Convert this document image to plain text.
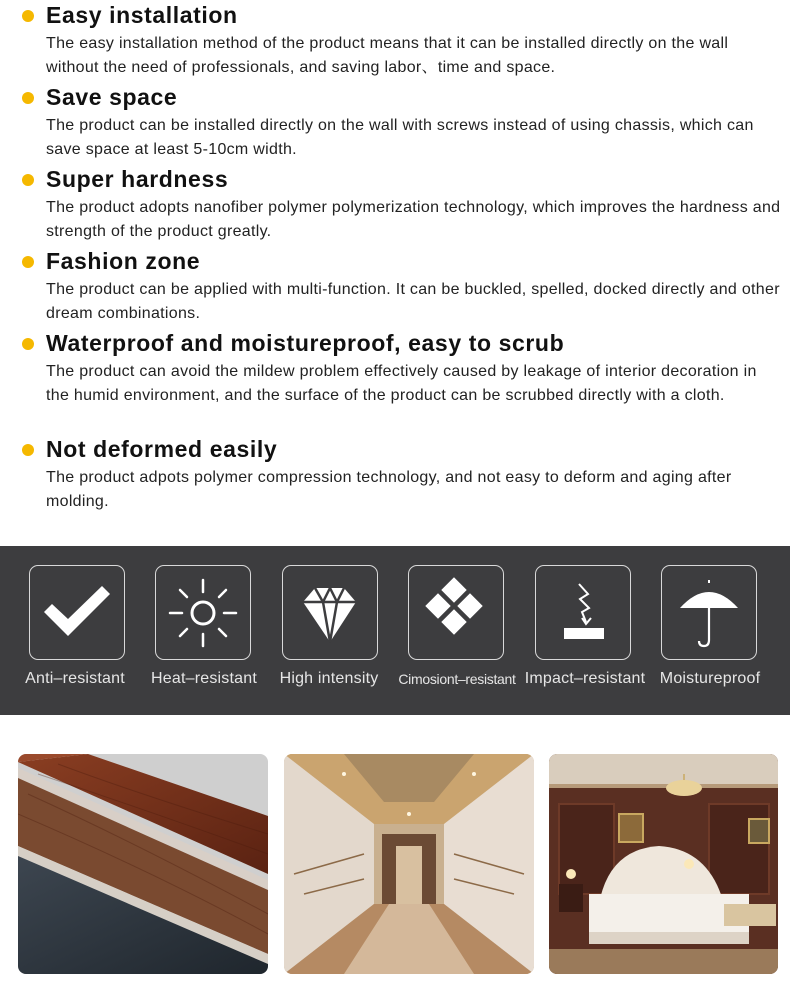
Easy installation
The easy installation method of the product means that it can be installed directly on the wall without the need of professionals, and saving labor、time and space.
Save space
The product can be installed directly on the wall with screws instead of using chassis, which can save space at least 5-10cm width.
Super hardness
The product adopts nanofiber polymer polymerization technology, which improves the hardness and strength of the product greatly.
Fashion zone
The product can be applied with multi-function. It can be buckled, spelled, docked directly and other dream combinations.
Waterproof and moistureproof, easy to scrub
The product can avoid the mildew problem effectively caused by leakage of interior decoration in the humid environment, and the surface of the product can be scrubbed directly with a cloth.
Not deformed easily
The product adpots polymer compression technology, and not easy to deform and aging after molding.
Anti–resistant Heat–resistant High intensity Cimosiont–resistant Impact–resistant Moistureproof
